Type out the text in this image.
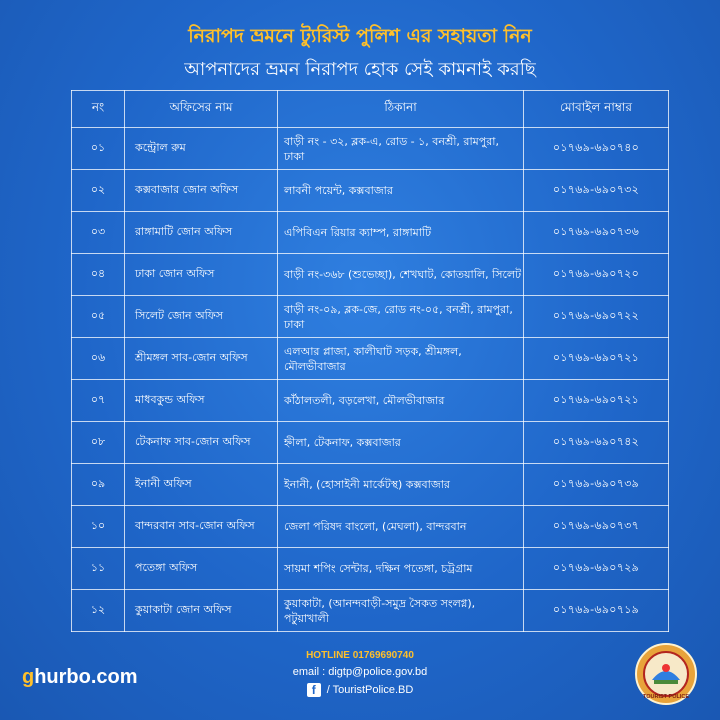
নিরাপদ ভ্রমনে ট্যুরিস্ট পুলিশ এর সহায়তা নিন
আপনাদের ভ্রমন নিরাপদ হোক সেই কামনাই করছি
নং	অফিসের নাম	ঠিকানা	মোবাইল নাম্বার
০১	কন্ট্রোল রুম	বাড়ী নং - ৩২, ব্লক-এ, রোড - ১, বনশ্রী, রামপুরা, ঢাকা	০১৭৬৯-৬৯০৭৪০
০২	কক্সবাজার জোন অফিস	লাবনী পয়েন্ট, কক্সবাজার	০১৭৬৯-৬৯০৭৩২
০৩	রাঙ্গামাটি জোন অফিস	এপিবিএন রিয়ার ক্যাম্প, রাঙ্গামাটি	০১৭৬৯-৬৯০৭৩৬
০৪	ঢাকা জোন অফিস	বাড়ী নং-৩৬৮ (শুভেচ্ছা), শেখঘাট, কোতয়ালি, সিলেট	০১৭৬৯-৬৯০৭২০
০৫	সিলেট জোন অফিস	বাড়ী নং-০৯, ব্লক-জে, রোড নং-০৫, বনশ্রী, রামপুরা, ঢাকা	০১৭৬৯-৬৯০৭২২
০৬	শ্রীমঙ্গল সাব-জোন অফিস	এলআর প্লাজা, কালীঘাট সড়ক, শ্রীমঙ্গল, মৌলভীবাজার	০১৭৬৯-৬৯০৭২১
০৭	মাধবকুন্ড অফিস	কাঁঠালতলী, বড়লেখা, মৌলভীবাজার	০১৭৬৯-৬৯০৭২১
০৮	টেকনাফ সাব-জোন অফিস	হ্নীলা, টেকনাফ, কক্সবাজার	০১৭৬৯-৬৯০৭৪২
০৯	ইনানী অফিস	ইনানী, (হোসাইনী মার্কেটস্থ) কক্সবাজার	০১৭৬৯-৬৯০৭৩৯
১০	বান্দরবান সাব-জোন অফিস	জেলা পরিষদ বাংলো, (মেঘলা), বান্দরবান	০১৭৬৯-৬৯০৭৩৭
১১	পতেঙ্গা অফিস	সায়মা শপিং সেন্টার, দক্ষিন পতেঙ্গা, চট্রগ্রাম	০১৭৬৯-৬৯০৭২৯
১২	কুয়াকাটা জোন অফিস	কুয়াকাটা, (আনন্দবাড়ী-সমুদ্র সৈকত সংলগ্ন), পটুয়াখালী	০১৭৬৯-৬৯০৭১৯
ghurbo.com
HOTLINE 01769690740
email : digtp@police.gov.bd
f / TouristPolice.BD
TOURIST POLICE
